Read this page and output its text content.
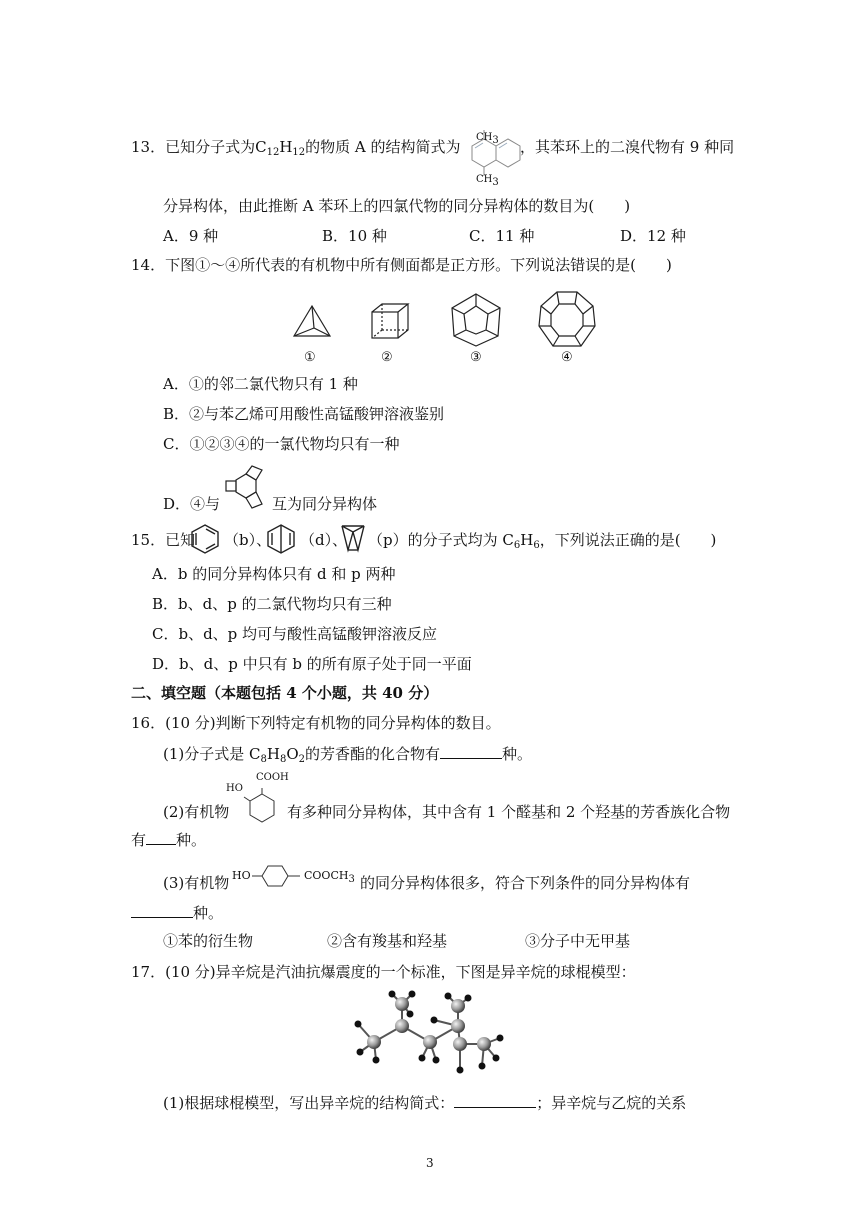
13．已知分子式为$C_{12}H_{12}$的物质 A 的结构简式为
$CH_3$
$CH_3$
，其苯环上的二溴代物有 9 种同
分异构体，由此推断 A 苯环上的四氯代物的同分异构体的数目为(　　)
A．9 种	B．10 种	C．11 种	D．12 种
14．下图①～④所代表的有机物中所有侧面都是正方形。下列说法错误的是(　　)
①	②	③	④
A．①的邻二氯代物只有 1 种
B．②与苯乙烯可用酸性高锰酸钾溶液鉴别
C．①②③④的一氯代物均只有一种
D．④与	互为同分异构体
15．已知 （b）、 （d）、 （p）的分子式均为 $C_6H_6$，下列说法正确的是(　　)
A．b 的同分异构体只有 d 和 p 两种
B．b、d、p 的二氯代物均只有三种
C．b、d、p 均可与酸性高锰酸钾溶液反应
D．b、d、p 中只有 b 的所有原子处于同一平面
二、填空题（本题包括 4 个小题，共 40 分）
16．(10 分)判断下列特定有机物的同分异构体的数目。
(1)分子式是 $C_8H_8O_2$的芳香酯的化合物有	种。
(2)有机物
COOH
HO
有多种同分异构体，其中含有 1 个醛基和 2 个羟基的芳香族化合物
有 种。
(3)有机物 HO	$COOCH_3$ 的同分异构体很多，符合下列条件的同分异构体有
种。
①苯的衍生物	②含有羧基和羟基	③分子中无甲基
17．(10 分)异辛烷是汽油抗爆震度的一个标准，下图是异辛烷的球棍模型：
(1)根据球棍模型，写出异辛烷的结构简式：	；异辛烷与乙烷的关系
3
